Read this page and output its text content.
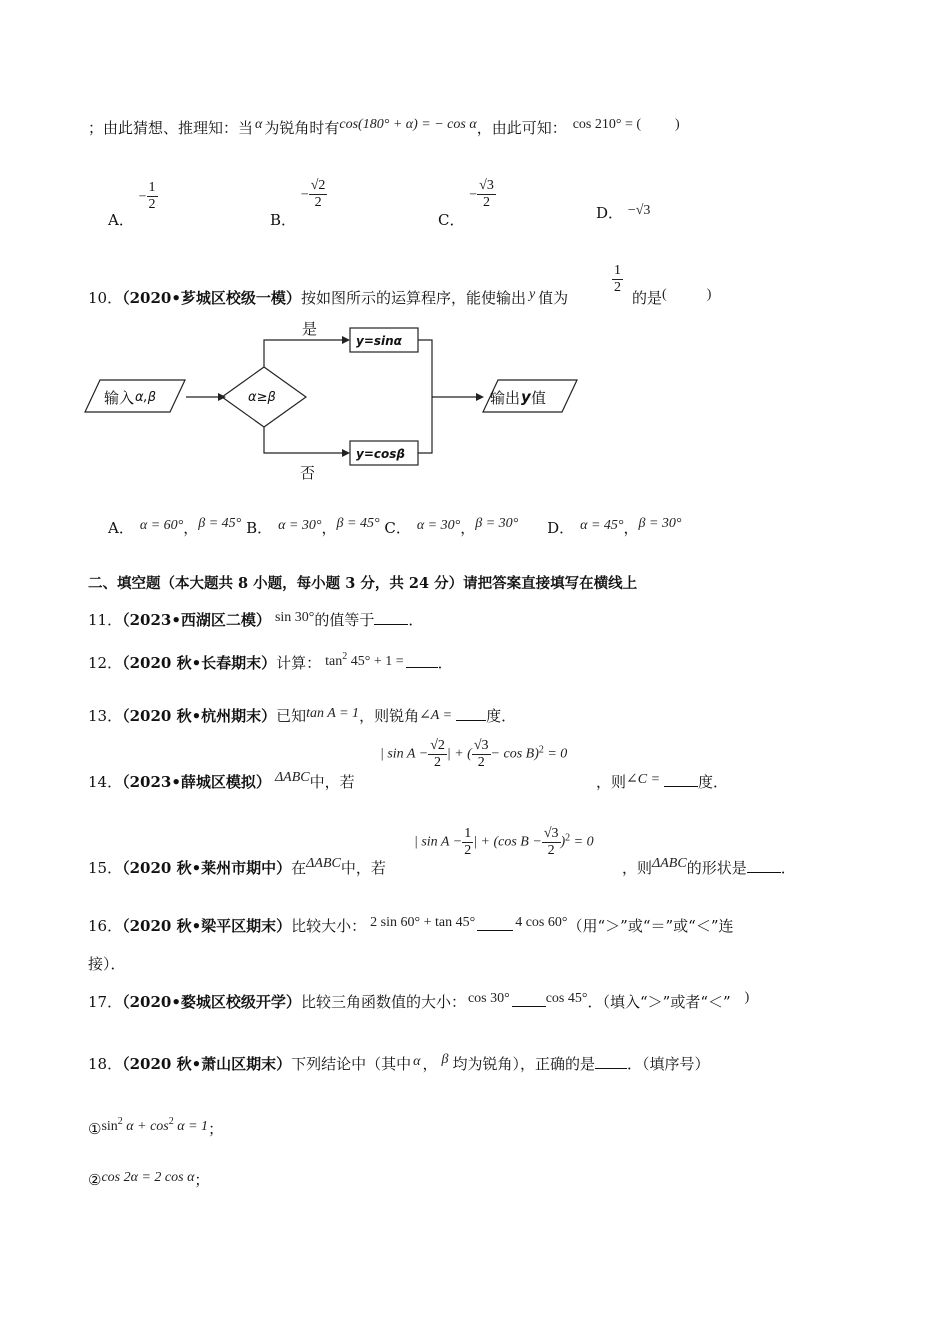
；由此猜想、推理知：当 α 为锐角时有cos(180° + α) = − cos α，由此可知： cos 210° = ( )
A． − $\frac{1}{2}$
B． − $\frac{√2}{2}$
C． − $\frac{√3}{2}$
D． −√3
10．（2020•芗城区校级一模）按如图所示的运算程序，能使输出 y 值为
$\frac{1}{2}$
的是(	)
输入 α,β	α≥β
是
否
y=sinα
y=cosβ
输出 y 值
A． α = 60°，β = 45° B． α = 30°，β = 45° C． α = 30°，β = 30° D． α = 45°，β = 30°
二、填空题（本大题共 8 小题，每小题 3 分，共 24 分）请把答案直接填写在横线上
11．（2023•西湖区二模） sin 30°的值等于 ．
12．（2020 秋•长春期末）计算： $\tan^2 45^\circ + 1$ = ．
13．（2020 秋•杭州期末）已知tan A = 1，则锐角∠A = 度．
14．（2023•薛城区模拟） ΔABC中，若
| $\sin A - \frac{√2}{2}$ | + ( $\frac{√3}{2} - \cos B)^2 = 0$
，则∠C =	度．
15．（2020 秋•莱州市期中）在ΔABC中，若
| $\sin A - \frac{1}{2}$ | + (cos $B - \frac{√3}{2} )^2 = 0$
，则ΔABC的形状是 ．
16．（2020 秋•梁平区期末）比较大小： 2 sin 60° + tan 45°	4 cos 60°（用“＞”或“＝”或“＜”连
接）．
17．（2020•婺城区校级开学）比较三角函数值的大小： cos 30°	cos 45°．（填入“＞”或者“＜” )
18．（2020 秋•萧山区期末）下列结论中（其中 α ， β 均为锐角），正确的是 ．（填序号）
$①\sin^2$ $\alpha + \cos^2 \alpha = 1$；
②cos 2α = 2 cos α；
